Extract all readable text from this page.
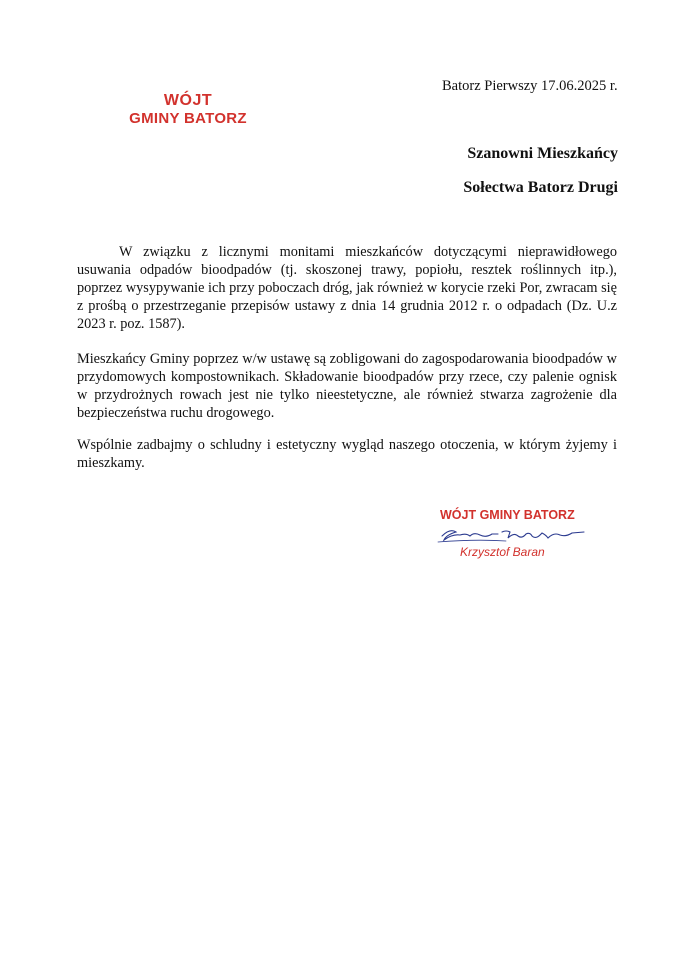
WÓJT
GMINY BATORZ
Batorz Pierwszy 17.06.2025 r.
Szanowni Mieszkańcy
Sołectwa Batorz Drugi
W związku z licznymi monitami mieszkańców dotyczącymi nieprawidłowego usuwania odpadów bioodpadów (tj. skoszonej trawy, popiołu, resztek roślinnych itp.), poprzez wysypywanie ich przy poboczach dróg, jak również w korycie rzeki Por, zwracam się z prośbą o przestrzeganie przepisów ustawy z dnia 14 grudnia 2012 r. o odpadach (Dz. U.z 2023 r. poz. 1587).
Mieszkańcy Gminy poprzez w/w ustawę są zobligowani do zagospodarowania bioodpadów w przydomowych kompostownikach. Składowanie bioodpadów przy rzece, czy palenie ognisk w przydrożnych rowach jest nie tylko nieestetyczne, ale również stwarza zagrożenie dla bezpieczeństwa ruchu drogowego.
Wspólnie zadbajmy o schludny i estetyczny wygląd naszego otoczenia, w którym żyjemy i mieszkamy.
WÓJT GMINY BATORZ
Krzysztof Baran
